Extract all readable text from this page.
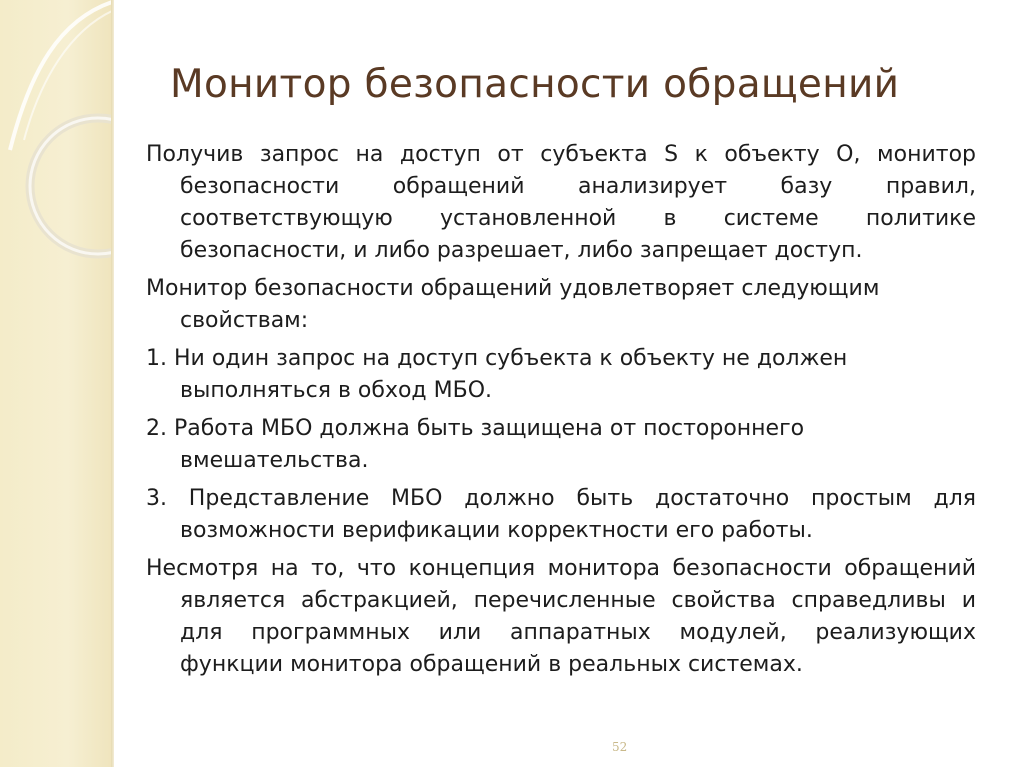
Монитор безопасности обращений

Получив запрос на доступ от субъекта S к объекту O, монитор безопасности обращений анализирует базу правил, соответствующую установленной в системе политике безопасности, и либо разрешает, либо запрещает доступ.

Монитор безопасности обращений удовлетворяет следующим свойствам:

1. Ни один запрос на доступ субъекта к объекту не должен выполняться в обход МБО.

2. Работа МБО должна быть защищена от постороннего вмешательства.

3. Представление МБО должно быть достаточно простым для возможности верификации корректности его работы.

Несмотря на то, что концепция монитора безопасности обращений является абстракцией, перечисленные свойства справедливы и для программных или аппаратных модулей, реализующих функции монитора обращений в реальных системах.

52
